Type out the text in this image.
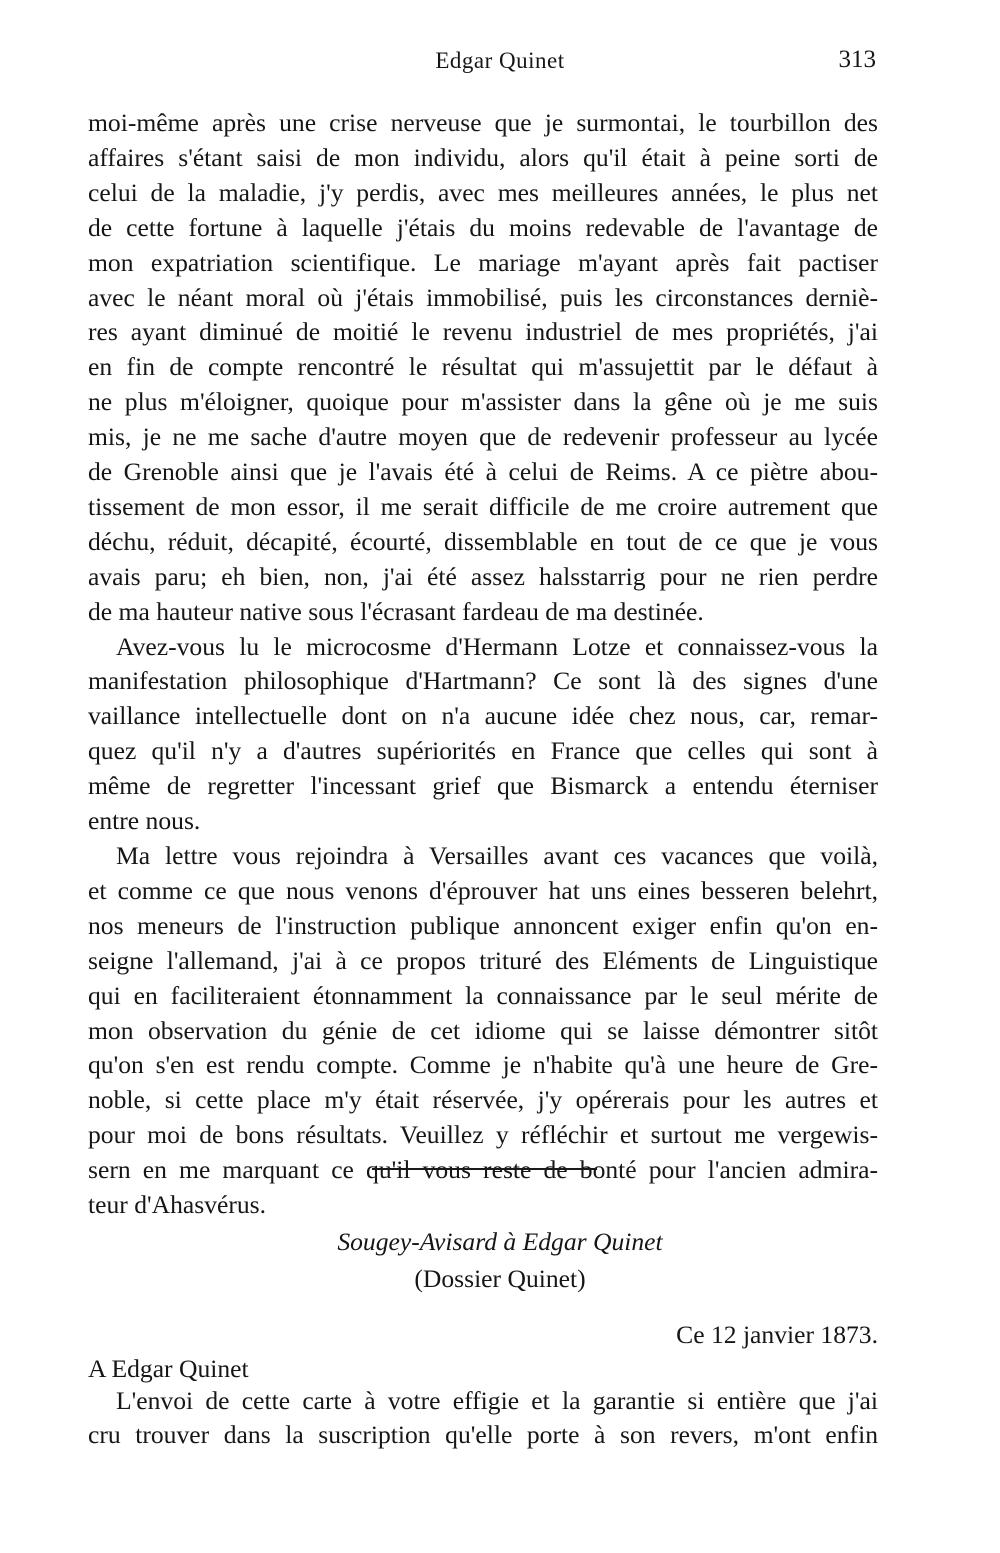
Edgar Quinet	313
moi-même après une crise nerveuse que je surmontai, le tourbillon des
affaires s'étant saisi de mon individu, alors qu'il était à peine sorti de
celui de la maladie, j'y perdis, avec mes meilleures années, le plus net
de cette fortune à laquelle j'étais du moins redevable de l'avantage de
mon expatriation scientifique. Le mariage m'ayant après fait pactiser
avec le néant moral où j'étais immobilisé, puis les circonstances derniè-
res ayant diminué de moitié le revenu industriel de mes propriétés, j'ai
en fin de compte rencontré le résultat qui m'assujettit par le défaut à
ne plus m'éloigner, quoique pour m'assister dans la gêne où je me suis
mis, je ne me sache d'autre moyen que de redevenir professeur au lycée
de Grenoble ainsi que je l'avais été à celui de Reims. A ce piètre abou-
tissement de mon essor, il me serait difficile de me croire autrement que
déchu, réduit, décapité, écourté, dissemblable en tout de ce que je vous
avais paru; eh bien, non, j'ai été assez halsstarrig pour ne rien perdre
de ma hauteur native sous l'écrasant fardeau de ma destinée.
Avez-vous lu le microcosme d'Hermann Lotze et connaissez-vous la
manifestation philosophique d'Hartmann? Ce sont là des signes d'une
vaillance intellectuelle dont on n'a aucune idée chez nous, car, remar-
quez qu'il n'y a d'autres supériorités en France que celles qui sont à
même de regretter l'incessant grief que Bismarck a entendu éterniser
entre nous.
Ma lettre vous rejoindra à Versailles avant ces vacances que voilà,
et comme ce que nous venons d'éprouver hat uns eines besseren belehrt,
nos meneurs de l'instruction publique annoncent exiger enfin qu'on en-
seigne l'allemand, j'ai à ce propos trituré des Eléments de Linguistique
qui en faciliteraient étonnamment la connaissance par le seul mérite de
mon observation du génie de cet idiome qui se laisse démontrer sitôt
qu'on s'en est rendu compte. Comme je n'habite qu'à une heure de Gre-
noble, si cette place m'y était réservée, j'y opérerais pour les autres et
pour moi de bons résultats. Veuillez y réfléchir et surtout me vergewis-
sern en me marquant ce qu'il vous reste de bonté pour l'ancien admira-
teur d'Ahasvérus.
Sougey-Avisard à Edgar Quinet
(Dossier Quinet)
Ce 12 janvier 1873.
A Edgar Quinet
L'envoi de cette carte à votre effigie et la garantie si entière que j'ai
cru trouver dans la suscription qu'elle porte à son revers, m'ont enfin
